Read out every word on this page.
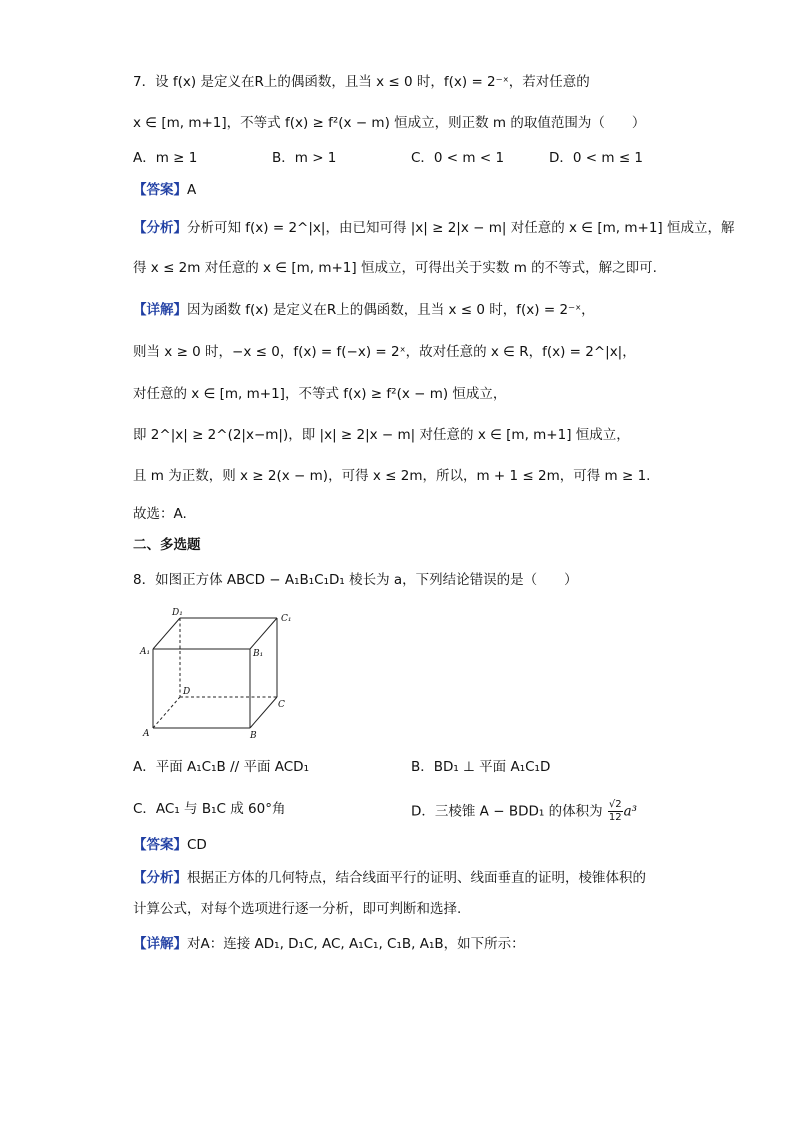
7．设 f(x) 是定义在R上的偶函数，且当 x ≤ 0 时，f(x) = 2⁻ˣ，若对任意的
x ∈ [m, m+1]，不等式 f(x) ≥ f²(x − m) 恒成立，则正数 m 的取值范围为（　　）
A．m ≥ 1	B．m > 1	C．0 < m < 1	D．0 < m ≤ 1
【答案】A
【分析】分析可知 f(x) = 2^|x|，由已知可得 |x| ≥ 2|x − m| 对任意的 x ∈ [m, m+1] 恒成立，解
得 x ≤ 2m 对任意的 x ∈ [m, m+1] 恒成立，可得出关于实数 m 的不等式，解之即可.
【详解】因为函数 f(x) 是定义在R上的偶函数，且当 x ≤ 0 时，f(x) = 2⁻ˣ，
则当 x ≥ 0 时，−x ≤ 0，f(x) = f(−x) = 2ˣ，故对任意的 x ∈ R，f(x) = 2^|x|，
对任意的 x ∈ [m, m+1]，不等式 f(x) ≥ f²(x − m) 恒成立，
即 2^|x| ≥ 2^(2|x−m|)，即 |x| ≥ 2|x − m| 对任意的 x ∈ [m, m+1] 恒成立，
且 m 为正数，则 x ≥ 2(x − m)，可得 x ≤ 2m，所以，m + 1 ≤ 2m，可得 m ≥ 1.
故选：A.
二、多选题
8．如图正方体 ABCD − A₁B₁C₁D₁ 棱长为 a，下列结论错误的是（　　）
D₁
C₁
A₁	B₁
D
C
A	B
A．平面 A₁C₁B // 平面 ACD₁	B．BD₁ ⊥ 平面 A₁C₁D
C．AC₁ 与 B₁C 成 60°角	D．三棱锥 A − BDD₁ 的体积为 $\frac{√2}{12} a^3$
【答案】CD
【分析】根据正方体的几何特点，结合线面平行的证明、线面垂直的证明，棱锥体积的
计算公式，对每个选项进行逐一分析，即可判断和选择.
【详解】对A：连接 AD₁, D₁C, AC, A₁C₁, C₁B, A₁B，如下所示：
